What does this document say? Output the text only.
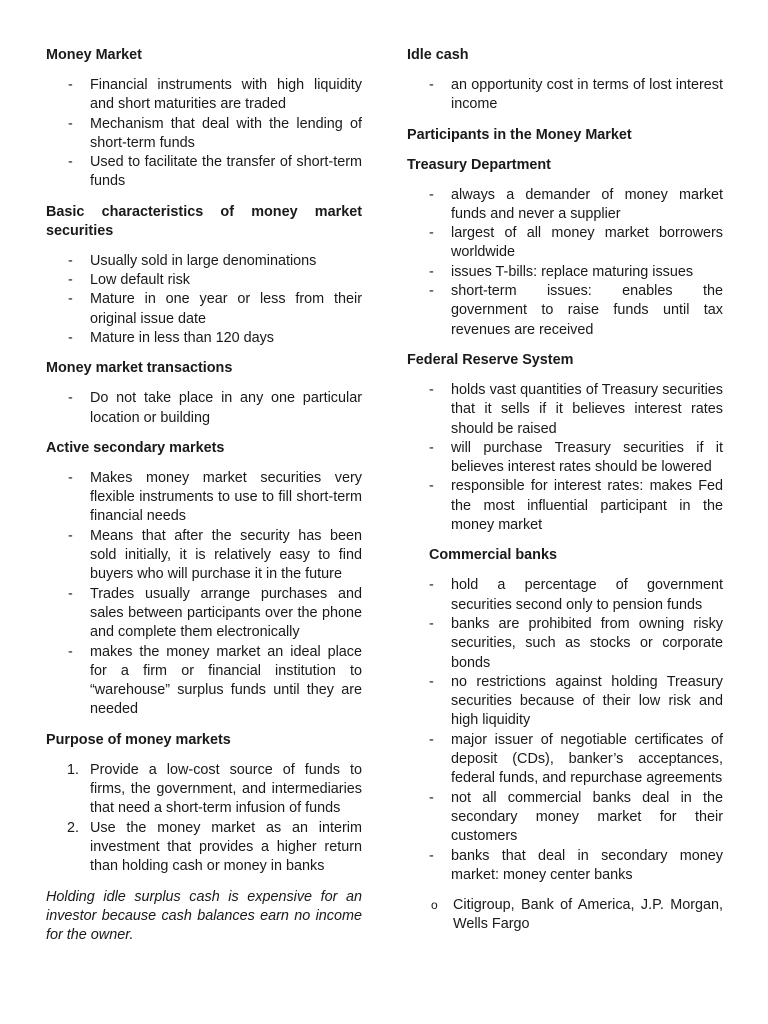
Money Market
- Financial instruments with high liquidity and short maturities are traded
- Mechanism that deal with the lending of short-term funds
- Used to facilitate the transfer of short-term funds
Basic characteristics of money market securities
- Usually sold in large denominations
- Low default risk
- Mature in one year or less from their original issue date
- Mature in less than 120 days
Money market transactions
- Do not take place in any one particular location or building
Active secondary markets
- Makes money market securities very flexible instruments to use to fill short-term financial needs
- Means that after the security has been sold initially, it is relatively easy to find buyers who will purchase it in the future
- Trades usually arrange purchases and sales between participants over the phone and complete them electronically
- makes the money market an ideal place for a firm or financial institution to “warehouse” surplus funds until they are needed
Purpose of money markets
1. Provide a low-cost source of funds to firms, the government, and intermediaries that need a short-term infusion of funds
2. Use the money market as an interim investment that provides a higher return than holding cash or money in banks

Holding idle surplus cash is expensive for an investor because cash balances earn no income for the owner.

Idle cash
- an opportunity cost in terms of lost interest income
Participants in the Money Market
Treasury Department
- always a demander of money market funds and never a supplier
- largest of all money market borrowers worldwide
- issues T-bills: replace maturing issues
- short-term issues: enables the government to raise funds until tax revenues are received
Federal Reserve System
- holds vast quantities of Treasury securities that it sells if it believes interest rates should be raised
- will purchase Treasury securities if it believes interest rates should be lowered
- responsible for interest rates: makes Fed the most influential participant in the money market
Commercial banks
- hold a percentage of government securities second only to pension funds
- banks are prohibited from owning risky securities, such as stocks or corporate bonds
- no restrictions against holding Treasury securities because of their low risk and high liquidity
- major issuer of negotiable certificates of deposit (CDs), banker’s acceptances, federal funds, and repurchase agreements
- not all commercial banks deal in the secondary money market for their customers
- banks that deal in secondary money market: money center banks
o Citigroup, Bank of America, J.P. Morgan, Wells Fargo
